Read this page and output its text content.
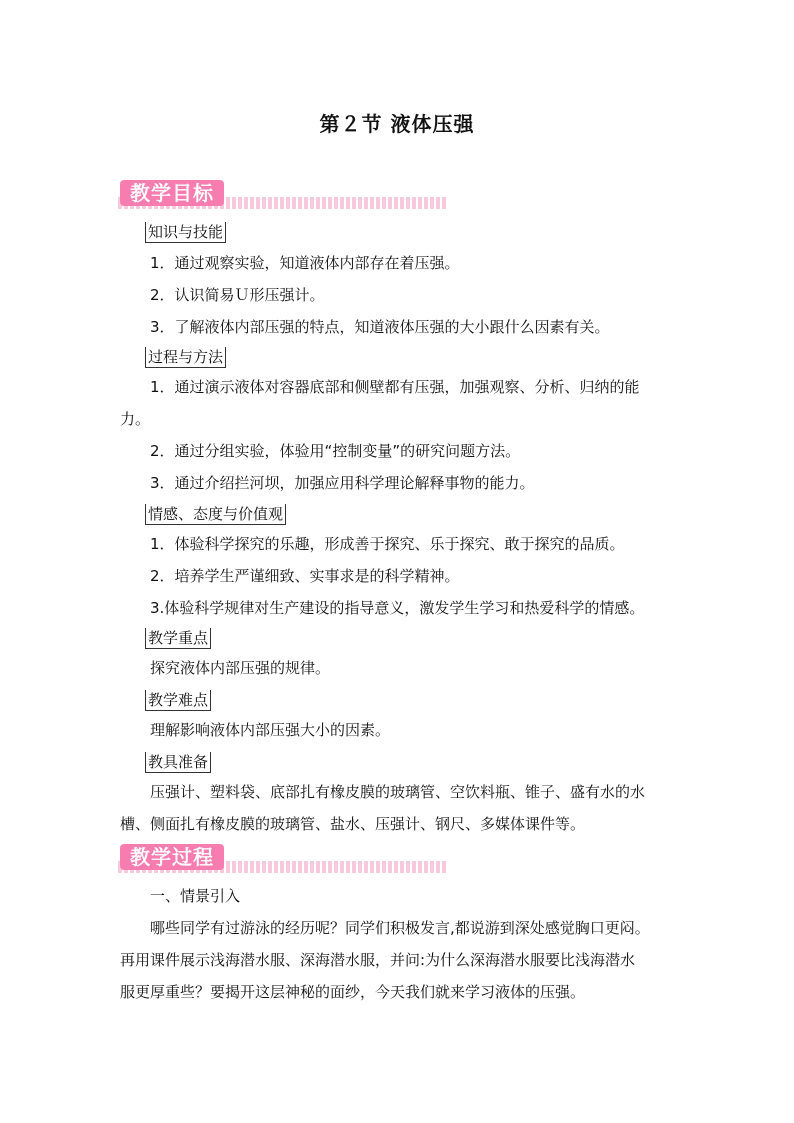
第２节 液体压强
教学目标
知识与技能
1．通过观察实验，知道液体内部存在着压强。
2．认识简易Ｕ形压强计。
3．了解液体内部压强的特点，知道液体压强的大小跟什么因素有关。
过程与方法
1．通过演示液体对容器底部和侧壁都有压强，加强观察、分析、归纳的能
力。
2．通过分组实验，体验用“控制变量”的研究问题方法。
3．通过介绍拦河坝，加强应用科学理论解释事物的能力。
情感、态度与价值观
1．体验科学探究的乐趣，形成善于探究、乐于探究、敢于探究的品质。
2．培养学生严谨细致、实事求是的科学精神。
3.体验科学规律对生产建设的指导意义，激发学生学习和热爱科学的情感。
教学重点
探究液体内部压强的规律。
教学难点
理解影响液体内部压强大小的因素。
教具准备
压强计、塑料袋、底部扎有橡皮膜的玻璃管、空饮料瓶、锥子、盛有水的水
槽、侧面扎有橡皮膜的玻璃管、盐水、压强计、钢尺、多媒体课件等。
教学过程
一、情景引入
哪些同学有过游泳的经历呢？同学们积极发言,都说游到深处感觉胸口更闷。
再用课件展示浅海潜水服、深海潜水服，并问:为什么深海潜水服要比浅海潜水
服更厚重些？要揭开这层神秘的面纱，今天我们就来学习液体的压强。
